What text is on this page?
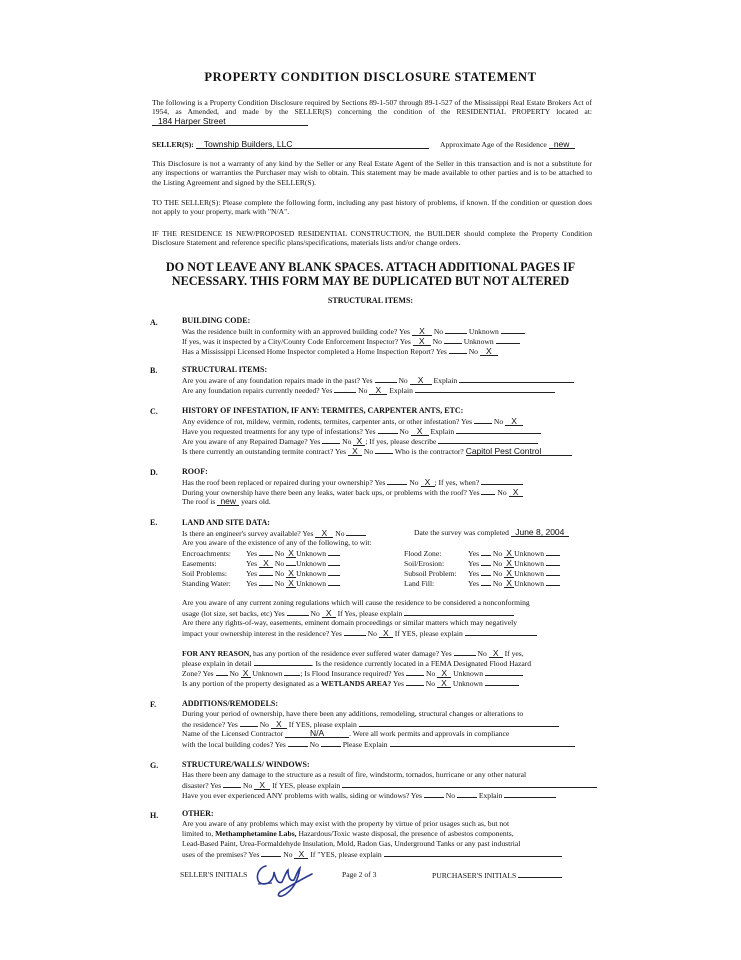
PROPERTY CONDITION DISCLOSURE STATEMENT
The following is a Property Condition Disclosure required by Sections 89-1-507 through 89-1-527 of the Mississippi Real Estate Brokers Act of 1954, as Amended, and made by the SELLER(S) concerning the condition of the RESIDENTIAL PROPERTY located at: 184 Harper Street
SELLER(S): Township Builders, LLC	Approximate Age of the Residence new
This Disclosure is not a warranty of any kind by the Seller or any Real Estate Agent of the Seller in this transaction and is not a substitute for any inspections or warranties the Purchaser may wish to obtain. This statement may be made available to other parties and is to be attached to the Listing Agreement and signed by the SELLER(S).
TO THE SELLER(S): Please complete the following form, including any past history of problems, if known. If the condition or question does not apply to your property, mark with "N/A".
IF THE RESIDENCE IS NEW/PROPOSED RESIDENTIAL CONSTRUCTION, the BUILDER should complete the Property Condition Disclosure Statement and reference specific plans/specifications, materials lists and/or change orders.
DO NOT LEAVE ANY BLANK SPACES. ATTACH ADDITIONAL PAGES IF
NECESSARY. THIS FORM MAY BE DUPLICATED BUT NOT ALTERED
STRUCTURAL ITEMS:
A.	BUILDING CODE:
Was the residence built in conformity with an approved building code? Yes X No	Unknown
If yes, was it inspected by a City/County Code Enforcement Inspector? Yes X No	Unknown
Has a Mississippi Licensed Home Inspector completed a Home Inspection Report? Yes	No X
B.	STRUCTURAL ITEMS:
Are you aware of any foundation repairs made in the past? Yes	No X Explain
Are any foundation repairs currently needed? Yes	No X Explain
C.	HISTORY OF INFESTATION, IF ANY: TERMITES, CARPENTER ANTS, ETC:
Any evidence of rot, mildew, vermin, rodents, termites, carpenter ants, or other infestation? Yes	No X
Have you requested treatments for any type of infestations? Yes	No X Explain
Are you aware of any Repaired Damage? Yes	No X ; If yes, please describe
Is there currently an outstanding termite contract? Yes X No	Who is the contractor? Capitol Pest Control
D.	ROOF:
Has the roof been replaced or repaired during your ownership? Yes	No X ; If yes, when?
During your ownership have there been any leaks, water back ups, or problems with the roof? Yes No X
The roof is new years old.
E.	LAND AND SITE DATA:
Is there an engineer's survey available? Yes X No	Date the survey was completed June 8, 2004
Are you aware of the existence of any of the following, to wit:
Encroachments: Yes No X Unknown
Easements:	Yes X No Unknown
Soil Problems:	Yes No X Unknown
Standing Water: Yes No X Unknown
Flood Zone:	Yes No X Unknown
Soil/Erosion:	Yes No X Unknown
Subsoil Problem: Yes No X Unknown
Land Fill:	Yes No X Unknown
Are you aware of any current zoning regulations which will cause the residence to be considered a nonconforming
usage (lot size, set backs, etc) Yes	No X If Yes, please explain
Are there any rights-of-way, easements, eminent domain proceedings or similar matters which may negatively
impact your ownership interest in the residence? Yes	No X If YES, please explain
FOR ANY REASON, has any portion of the residence ever suffered water damage? Yes	No X If yes,
please explain in detail	. Is the residence currently located in a FEMA Designated Flood Hazard
Zone? Yes No X Unknown ; Is Flood Insurance required? Yes	No X Unknown
Is any portion of the property designated as a WETLANDS AREA? Yes	No X Unknown
F.	ADDITIONS/REMODELS:
During your period of ownership, have there been any additions, remodeling, structural changes or alterations to
the residence? Yes	No X If YES, please explain
Name of the Licensed Contractor	N/A	. Were all work permits and approvals in compliance
with the local building codes? Yes	No	Please Explain
G.	STRUCTURE/WALLS/ WINDOWS:
Has there been any damage to the structure as a result of fire, windstorm, tornados, hurricane or any other natural
disaster? Yes	No X If YES, please explain
Have you ever experienced ANY problems with walls, siding or windows? Yes	No	Explain
H.	OTHER:
Are you aware of any problems which may exist with the property by virtue of prior usages such as, but not
limited to, Methamphetamine Labs, Hazardous/Toxic waste disposal, the presence of asbestos components,
Lead-Based Paint, Urea-Formaldehyde Insulation, Mold, Radon Gas, Underground Tanks or any past industrial
uses of the premises? Yes	No X If "YES, please explain
SELLER'S INITIALS	Page 2 of 3	PURCHASER'S INITIALS
